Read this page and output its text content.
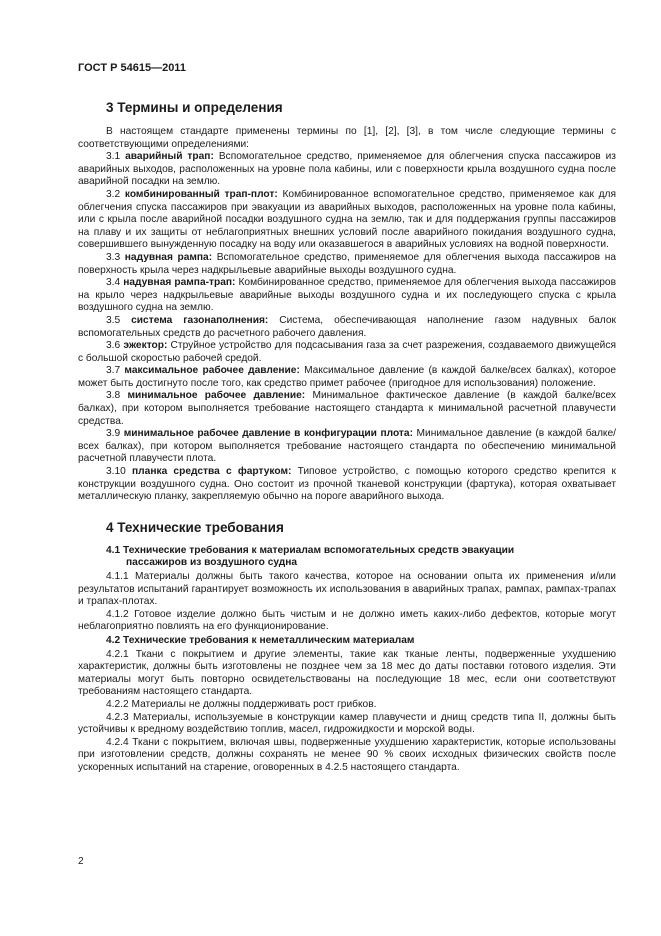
ГОСТ Р 54615—2011
3 Термины и определения

В настоящем стандарте применены термины по [1], [2], [3], в том числе следующие термины с соответствующими определениями:

3.1 аварийный трап: Вспомогательное средство, применяемое для облегчения спуска пассажиров из аварийных выходов, расположенных на уровне пола кабины, или с поверхности крыла воздушного судна после аварийной посадки на землю.

3.2 комбинированный трап-плот: Комбинированное вспомогательное средство, применяемое как для облегчения спуска пассажиров при эвакуации из аварийных выходов, расположенных на уровне пола кабины, или с крыла после аварийной посадки воздушного судна на землю, так и для поддержания группы пассажиров на плаву и их защиты от неблагоприятных внешних условий после аварийного покидания воздушного судна, совершившего вынужденную посадку на воду или оказавшегося в аварийных условиях на водной поверхности.

3.3 надувная рампа: Вспомогательное средство, применяемое для облегчения выхода пассажиров на поверхность крыла через надкрыльевые аварийные выходы воздушного судна.

3.4 надувная рампа-трап: Комбинированное средство, применяемое для облегчения выхода пассажиров на крыло через надкрыльевые аварийные выходы воздушного судна и их последующего спуска с крыла воздушного судна на землю.

3.5 система газонаполнения: Система, обеспечивающая наполнение газом надувных балок вспомогательных средств до расчетного рабочего давления.

3.6 эжектор: Струйное устройство для подсасывания газа за счет разрежения, создаваемого движущейся с большой скоростью рабочей средой.

3.7 максимальное рабочее давление: Максимальное давление (в каждой балке/всех балках), которое может быть достигнуто после того, как средство примет рабочее (пригодное для использования) положение.

3.8 минимальное рабочее давление: Минимальное фактическое давление (в каждой балке/всех балках), при котором выполняется требование настоящего стандарта к минимальной расчетной плавучести средства.

3.9 минимальное рабочее давление в конфигурации плота: Минимальное давление (в каждой балке/всех балках), при котором выполняется требование настоящего стандарта по обеспечению минимальной расчетной плавучести плота.

3.10 планка средства с фартуком: Типовое устройство, с помощью которого средство крепится к конструкции воздушного судна. Оно состоит из прочной тканевой конструкции (фартука), которая охватывает металлическую планку, закрепляемую обычно на пороге аварийного выхода.

4 Технические требования

4.1 Технические требования к материалам вспомогательных средств эвакуации
пассажиров из воздушного судна

4.1.1 Материалы должны быть такого качества, которое на основании опыта их применения и/или результатов испытаний гарантирует возможность их использования в аварийных трапах, рампах, рампах-трапах и трапах-плотах.

4.1.2 Готовое изделие должно быть чистым и не должно иметь каких-либо дефектов, которые могут неблагоприятно повлиять на его функционирование.

4.2 Технические требования к неметаллическим материалам

4.2.1 Ткани с покрытием и другие элементы, такие как тканые ленты, подверженные ухудшению характеристик, должны быть изготовлены не позднее чем за 18 мес до даты поставки готового изделия. Эти материалы могут быть повторно освидетельствованы на последующие 18 мес, если они соответствуют требованиям настоящего стандарта.

4.2.2 Материалы не должны поддерживать рост грибков.

4.2.3 Материалы, используемые в конструкции камер плавучести и днищ средств типа II, должны быть устойчивы к вредному воздействию топлив, масел, гидрожидкости и морской воды.

4.2.4 Ткани с покрытием, включая швы, подверженные ухудшению характеристик, которые использованы при изготовлении средств, должны сохранять не менее 90 % своих исходных физических свойств после ускоренных испытаний на старение, оговоренных в 4.2.5 настоящего стандарта.

2
